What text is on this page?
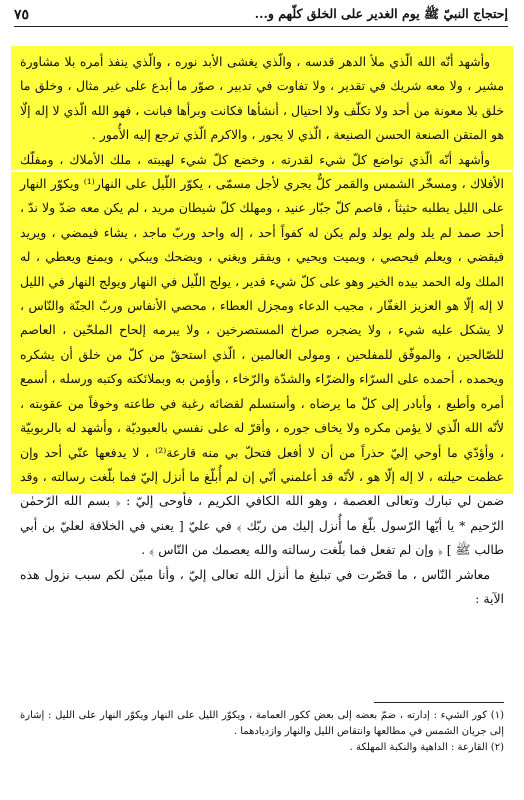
إحتجاج النبيّ ﷺ يوم الغدير على الخلق كلّهم و...
٧٥

وأشهد أنّه الله الّذي ملأ الدهر قدسه ، والّذي يغشى الأبد نوره ، والّذي ينفذ أمره بلا مشاورة مشير ، ولا معه شريك في تقدير ، ولا تفاوت في تدبير ، صوّر ما أبدع على غير مثال ، وخلق ما خلق بلا معونة من أحد ولا تكلّف ولا احتيال ، أنشأها فكانت وبرأها فبانت ، فهو الله الّذي لا إله إلّا هو المتقن الصنعة الحسن الصنيعة ، الّذي لا يجور ، والاكرم الّذي ترجع إليه الأُمور .

وأشهد أنّه الّذي تواضع كلّ شيء لقدرته ، وخضع كلّ شيء لهيبته ، ملك الأملاك ، ومفلّك الأفلاك ، ومسخّر الشمس والقمر كلٌّ يجري لأجل مسمّى ، يكوّر اللّيل على النهار⁽¹⁾ ويكوّر النهار على الليل يطلبه حثيثاً ، قاصم كلّ جبّار عنيد ، ومهلك كلّ شيطان مريد ، لم يكن معه ضدّ ولا ندّ ، أحد صمد لم يلد ولم يولد ولم يكن له كفواً أحد ، إله واحد وربّ ماجد ، يشاء فيمضي ، ويريد فيقضي ، ويعلم فيحصي ، ويميت ويحيي ، ويفقر ويغني ، ويضحك ويبكي ، ويمنع ويعطي ، له الملك وله الحمد بيده الخير وهو على كلّ شيء قدير ، يولج اللّيل في النهار ويولج النهار في الليل لا إله إلّا هو العزيز الغفّار ، مجيب الدعاء ومجزل العطاء ، محصي الأنفاس وربّ الجنّة والنّاس ، لا يشكل عليه شيء ، ولا يضجره صراخ المستصرخين ، ولا يبرمه إلحاح الملحّين ، العاصم للصّالحين ، والموفّق للمفلحين ، ومولى العالمين ، الّذي استحقّ من كلّ من خلق أن يشكره ويحمده ، أحمده على السرّاء والضرّاء والشدّة والرّخاء ، وأؤمن به وبملائكته وكتبه ورسله ، أسمع أمره وأطيع ، وأبادر إلى كلّ ما يرضاه ، وأستسلم لقضائه رغبة في طاعته وخوفاً من عقوبته ، لأنّه الله الّذي لا يؤمن مكره ولا يخاف جوره ، وأقرّ له على نفسي بالعبوديّة ، وأشهد له بالربوبيّة ، وأؤدّي ما أوحي إليّ حذراً من أن لا أفعل فتحلّ بي منه قارعة⁽²⁾ ، لا يدفعها عنّي أحد وإن عظمت حيلته ، لا إله إلّا هو ، لأنّه قد أعلمني أنّي إن لم أُبلّغ ما أنزل إليّ فما بلّغت رسالته ، وقد ضمن لي تبارك وتعالى العصمة ، وهو الله الكافي الكريم ، فأوحى إليّ : ﴿ بسم الله الرّحمٰن الرّحيم * يا أيّها الرّسول بلّغ ما أُنزل إليك من ربّك ﴾ في عليّ [ يعني في الخلافة لعليّ بن أبي طالب ﷺ ] ﴿ وإن لم تفعل فما بلّغت رسالته والله يعصمك من النّاس ﴾ .

معاشر النّاس ، ما قصّرت في تبليغ ما أنزل الله تعالى إليّ ، وأنا مبيّن لكم سبب نزول هذه الآية :

(١) كور الشيء : إدارته ، ضمّ بعضه إلى بعض ككور العمامة ، ويكوّر الليل على النهار ويكوّر النهار على الليل : إشارة إلى جريان الشمس في مطالعها وانتقاص الليل والنهار وازديادهما .

(٢) القارعة : الداهية والنكبة المهلكة .
